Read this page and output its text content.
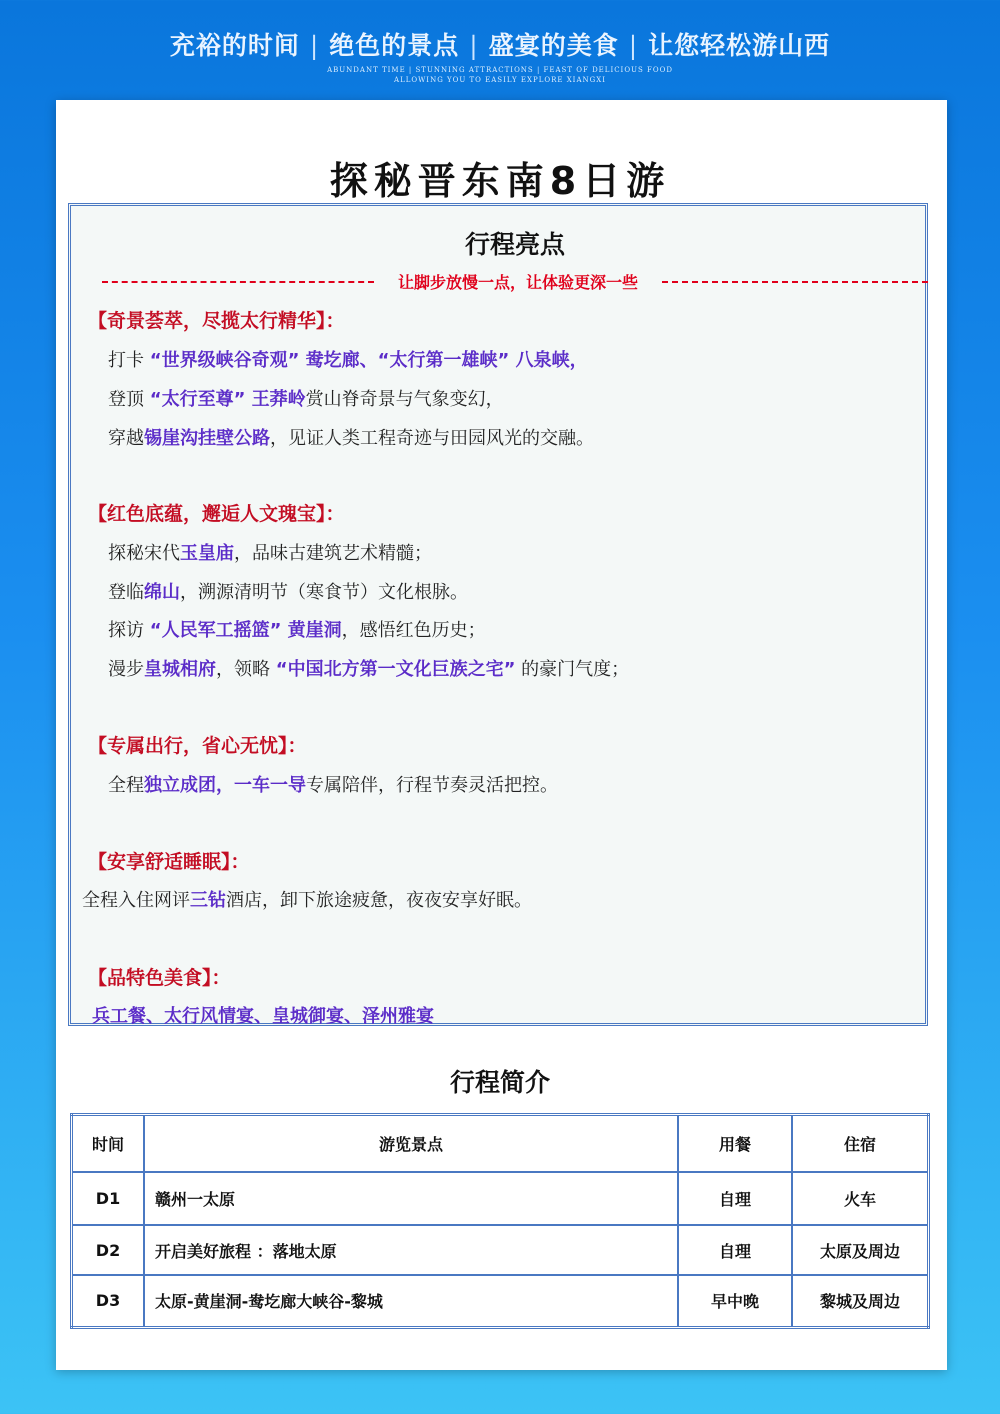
充裕的时间 | 绝色的景点 | 盛宴的美食 | 让您轻松游山西
ABUNDANT TIME | STUNNING ATTRACTIONS | FEAST OF DELICIOUS FOOD
ALLOWING YOU TO EASILY EXPLORE XIANGXI
探秘晋东南8日游
行程亮点
让脚步放慢一点，让体验更深一些
【奇景荟萃，尽揽太行精华】：
打卡 “世界级峡谷奇观” 鸯圪廊、“太行第一雄峡” 八泉峡，
登顶 “太行至尊” 王莽岭赏山脊奇景与气象变幻，
穿越锡崖沟挂壁公路，见证人类工程奇迹与田园风光的交融。
【红色底蕴，邂逅人文瑰宝】：
探秘宋代玉皇庙，品味古建筑艺术精髓；
登临绵山，溯源清明节（寒食节）文化根脉。
探访 “人民军工摇篮” 黄崖洞，感悟红色历史；
漫步皇城相府，领略 “中国北方第一文化巨族之宅” 的豪门气度；
【专属出行，省心无忧】：
全程独立成团，一车一导专属陪伴，行程节奏灵活把控。
【安享舒适睡眠】：
全程入住网评三钻酒店，卸下旅途疲惫，夜夜安享好眠。
【品特色美食】：
兵工餐、太行风情宴、皇城御宴、泽州雅宴
行程简介
时间	游览景点	用餐	住宿
D1	赣州一太原	自理	火车
D2	开启美好旅程 ：落地太原	自理	太原及周边
D3	太原-黄崖洞-鸯圪廊大峡谷-黎城	早中晚	黎城及周边
